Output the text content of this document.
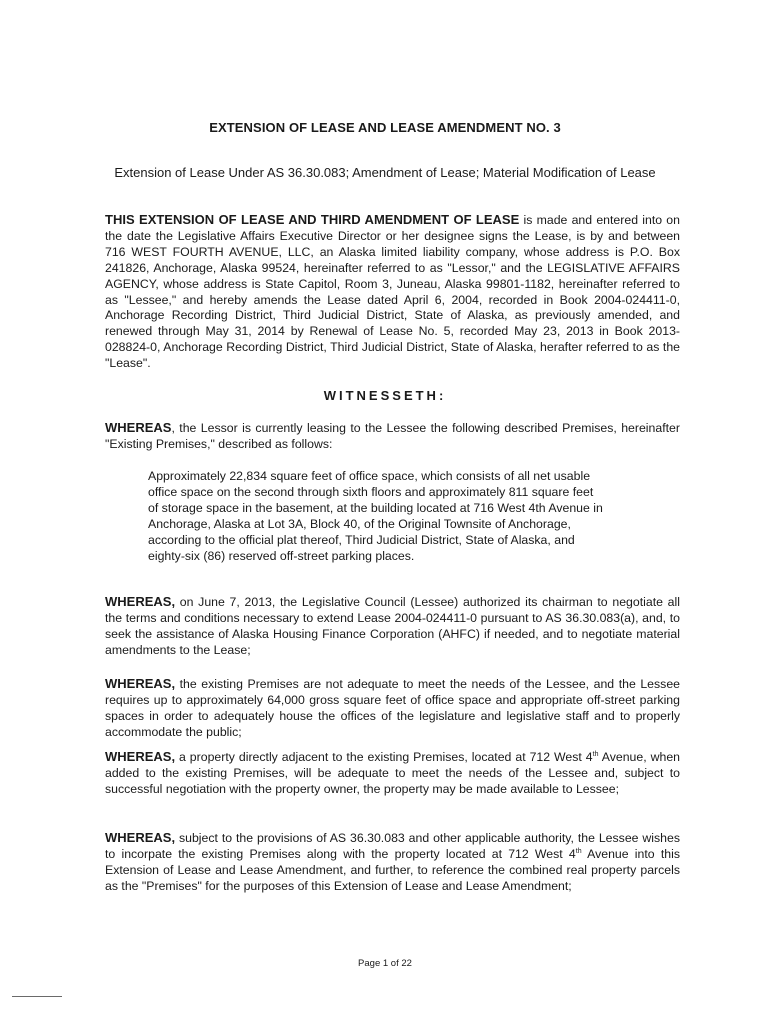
EXTENSION OF LEASE AND LEASE AMENDMENT NO. 3
Extension of Lease Under AS 36.30.083; Amendment of Lease; Material Modification of Lease

THIS EXTENSION OF LEASE AND THIRD AMENDMENT OF LEASE is made and entered into on the date the Legislative Affairs Executive Director or her designee signs the Lease, is by and between 716 WEST FOURTH AVENUE, LLC, an Alaska limited liability company, whose address is P.O. Box 241826, Anchorage, Alaska 99524, hereinafter referred to as "Lessor," and the LEGISLATIVE AFFAIRS AGENCY, whose address is State Capitol, Room 3, Juneau, Alaska 99801-1182, hereinafter referred to as "Lessee," and hereby amends the Lease dated April 6, 2004, recorded in Book 2004-024411-0, Anchorage Recording District, Third Judicial District, State of Alaska, as previously amended, and renewed through May 31, 2014 by Renewal of Lease No. 5, recorded May 23, 2013 in Book 2013-028824-0, Anchorage Recording District, Third Judicial District, State of Alaska, herafter referred to as the "Lease".

WITNESSETH:

WHEREAS, the Lessor is currently leasing to the Lessee the following described Premises, hereinafter "Existing Premises," described as follows:

Approximately 22,834 square feet of office space, which consists of all net usable office space on the second through sixth floors and approximately 811 square feet of storage space in the basement, at the building located at 716 West 4th Avenue in Anchorage, Alaska at Lot 3A, Block 40, of the Original Townsite of Anchorage, according to the official plat thereof, Third Judicial District, State of Alaska, and eighty-six (86) reserved off-street parking places.

WHEREAS, on June 7, 2013, the Legislative Council (Lessee) authorized its chairman to negotiate all the terms and conditions necessary to extend Lease 2004-024411-0 pursuant to AS 36.30.083(a), and, to seek the assistance of Alaska Housing Finance Corporation (AHFC) if needed, and to negotiate material amendments to the Lease;

WHEREAS, the existing Premises are not adequate to meet the needs of the Lessee, and the Lessee requires up to approximately 64,000 gross square feet of office space and appropriate off-street parking spaces in order to adequately house the offices of the legislature and legislative staff and to properly accommodate the public;

WHEREAS, a property directly adjacent to the existing Premises, located at 712 West 4th Avenue, when added to the existing Premises, will be adequate to meet the needs of the Lessee and, subject to successful negotiation with the property owner, the property may be made available to Lessee;

WHEREAS, subject to the provisions of AS 36.30.083 and other applicable authority, the Lessee wishes to incorpate the existing Premises along with the property located at 712 West 4th Avenue into this Extension of Lease and Lease Amendment, and further, to reference the combined real property parcels as the "Premises" for the purposes of this Extension of Lease and Lease Amendment;

Page 1 of 22
